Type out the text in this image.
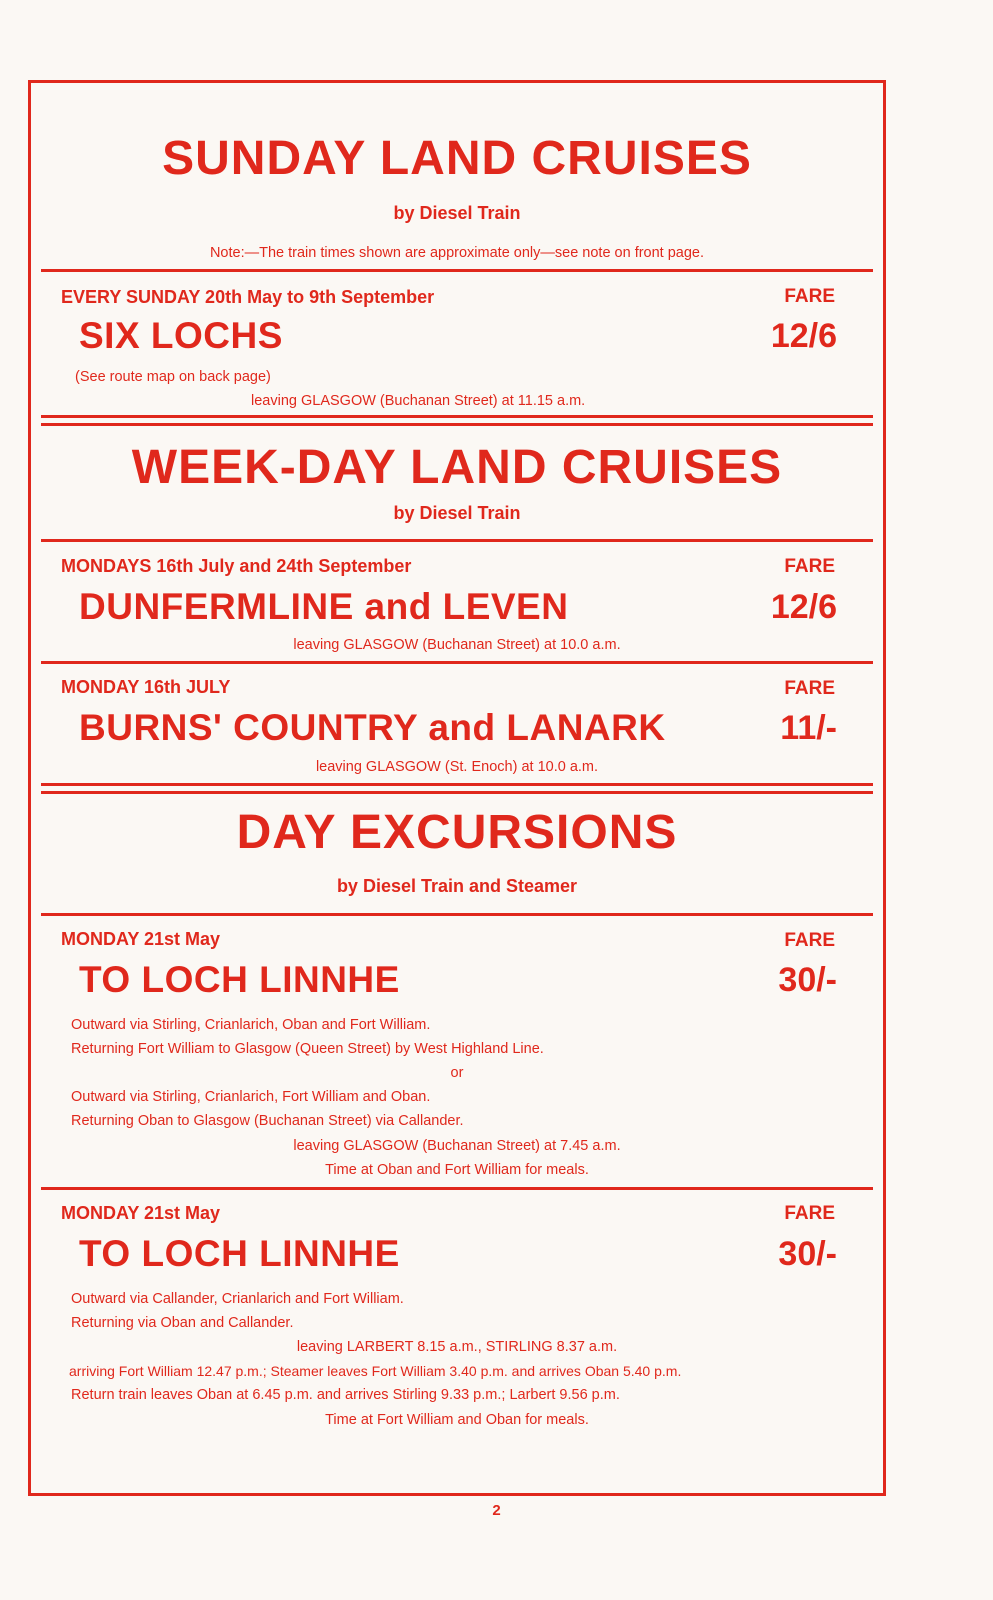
SUNDAY LAND CRUISES

by Diesel Train

Note:—The train times shown are approximate only—see note on front page.

EVERY SUNDAY 20th May to 9th September	FARE

SIX LOCHS	12/6

(See route map on back page)

leaving GLASGOW (Buchanan Street) at 11.15 a.m.

WEEK-DAY LAND CRUISES

by Diesel Train

MONDAYS 16th July and 24th September	FARE

DUNFERMLINE and LEVEN	12/6

leaving GLASGOW (Buchanan Street) at 10.0 a.m.

MONDAY 16th JULY	FARE

BURNS' COUNTRY and LANARK	11/-

leaving GLASGOW (St. Enoch) at 10.0 a.m.

DAY EXCURSIONS

by Diesel Train and Steamer

MONDAY 21st May	FARE

TO LOCH LINNHE	30/-

Outward via Stirling, Crianlarich, Oban and Fort William.

Returning Fort William to Glasgow (Queen Street) by West Highland Line.

or

Outward via Stirling, Crianlarich, Fort William and Oban.

Returning Oban to Glasgow (Buchanan Street) via Callander.

leaving GLASGOW (Buchanan Street) at 7.45 a.m.

Time at Oban and Fort William for meals.

MONDAY 21st May	FARE

TO LOCH LINNHE	30/-

Outward via Callander, Crianlarich and Fort William.

Returning via Oban and Callander.

leaving LARBERT 8.15 a.m., STIRLING 8.37 a.m.

arriving Fort William 12.47 p.m.; Steamer leaves Fort William 3.40 p.m. and arrives Oban 5.40 p.m.

Return train leaves Oban at 6.45 p.m. and arrives Stirling 9.33 p.m.; Larbert 9.56 p.m.

Time at Fort William and Oban for meals.

2
